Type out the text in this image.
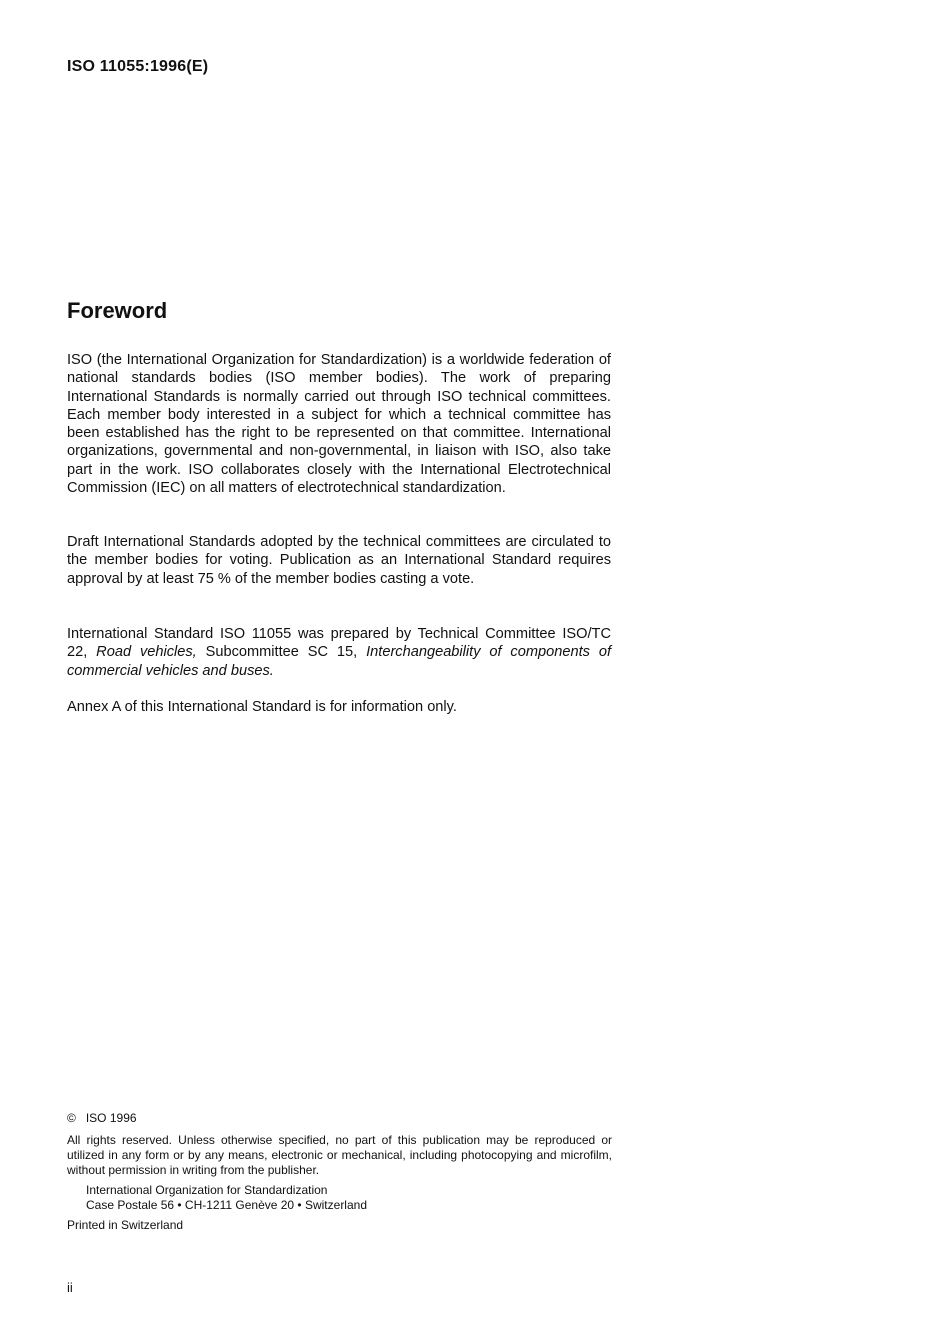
ISO 11055:1996(E)
Foreword
ISO (the International Organization for Standardization) is a worldwide federation of national standards bodies (ISO member bodies). The work of preparing International Standards is normally carried out through ISO technical committees. Each member body interested in a subject for which a technical committee has been established has the right to be represented on that committee. International organizations, governmental and non-governmental, in liaison with ISO, also take part in the work. ISO collaborates closely with the International Electrotechnical Commission (IEC) on all matters of electrotechnical standardization.
Draft International Standards adopted by the technical committees are circulated to the member bodies for voting. Publication as an International Standard requires approval by at least 75 % of the member bodies casting a vote.
International Standard ISO 11055 was prepared by Technical Committee ISO/TC 22, Road vehicles, Subcommittee SC 15, Interchangeability of components of commercial vehicles and buses.
Annex A of this International Standard is for information only.
© ISO 1996
All rights reserved. Unless otherwise specified, no part of this publication may be reproduced or utilized in any form or by any means, electronic or mechanical, including photocopying and microfilm, without permission in writing from the publisher.
International Organization for Standardization
Case Postale 56 • CH-1211 Genève 20 • Switzerland
Printed in Switzerland
ii
